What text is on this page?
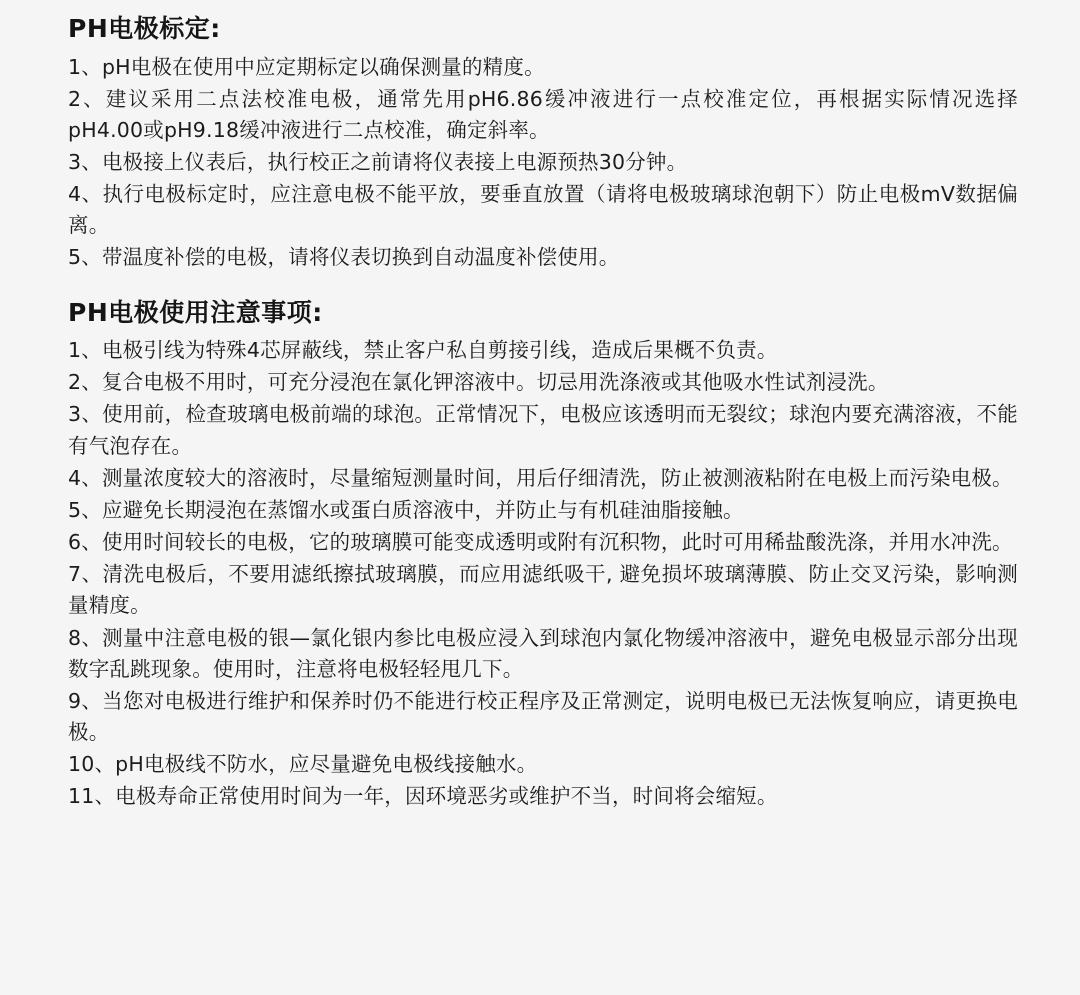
PH电极标定:

1、pH电极在使用中应定期标定以确保测量的精度。

2、建议采用二点法校准电极，通常先用pH6.86缓冲液进行一点校准定位，再根据实际情况选择pH4.00或pH9.18缓冲液进行二点校准，确定斜率。

3、电极接上仪表后，执行校正之前请将仪表接上电源预热30分钟。

4、执行电极标定时，应注意电极不能平放，要垂直放置（请将电极玻璃球泡朝下）防止电极mV数据偏离。

5、带温度补偿的电极，请将仪表切换到自动温度补偿使用。

PH电极使用注意事项:

1、电极引线为特殊4芯屏蔽线，禁止客户私自剪接引线，造成后果概不负责。

2、复合电极不用时，可充分浸泡在氯化钾溶液中。切忌用洗涤液或其他吸水性试剂浸洗。

3、使用前，检查玻璃电极前端的球泡。正常情况下，电极应该透明而无裂纹；球泡内要充满溶液，不能有气泡存在。

4、测量浓度较大的溶液时，尽量缩短测量时间，用后仔细清洗，防止被测液粘附在电极上而污染电极。

5、应避免长期浸泡在蒸馏水或蛋白质溶液中，并防止与有机硅油脂接触。

6、使用时间较长的电极，它的玻璃膜可能变成透明或附有沉积物，此时可用稀盐酸洗涤，并用水冲洗。

7、清洗电极后，不要用滤纸擦拭玻璃膜，而应用滤纸吸干, 避免损坏玻璃薄膜、防止交叉污染，影响测量精度。

8、测量中注意电极的银—氯化银内参比电极应浸入到球泡内氯化物缓冲溶液中，避免电极显示部分出现数字乱跳现象。使用时，注意将电极轻轻甩几下。

9、当您对电极进行维护和保养时仍不能进行校正程序及正常测定，说明电极已无法恢复响应，请更换电极。

10、pH电极线不防水，应尽量避免电极线接触水。

11、电极寿命正常使用时间为一年，因环境恶劣或维护不当，时间将会缩短。
